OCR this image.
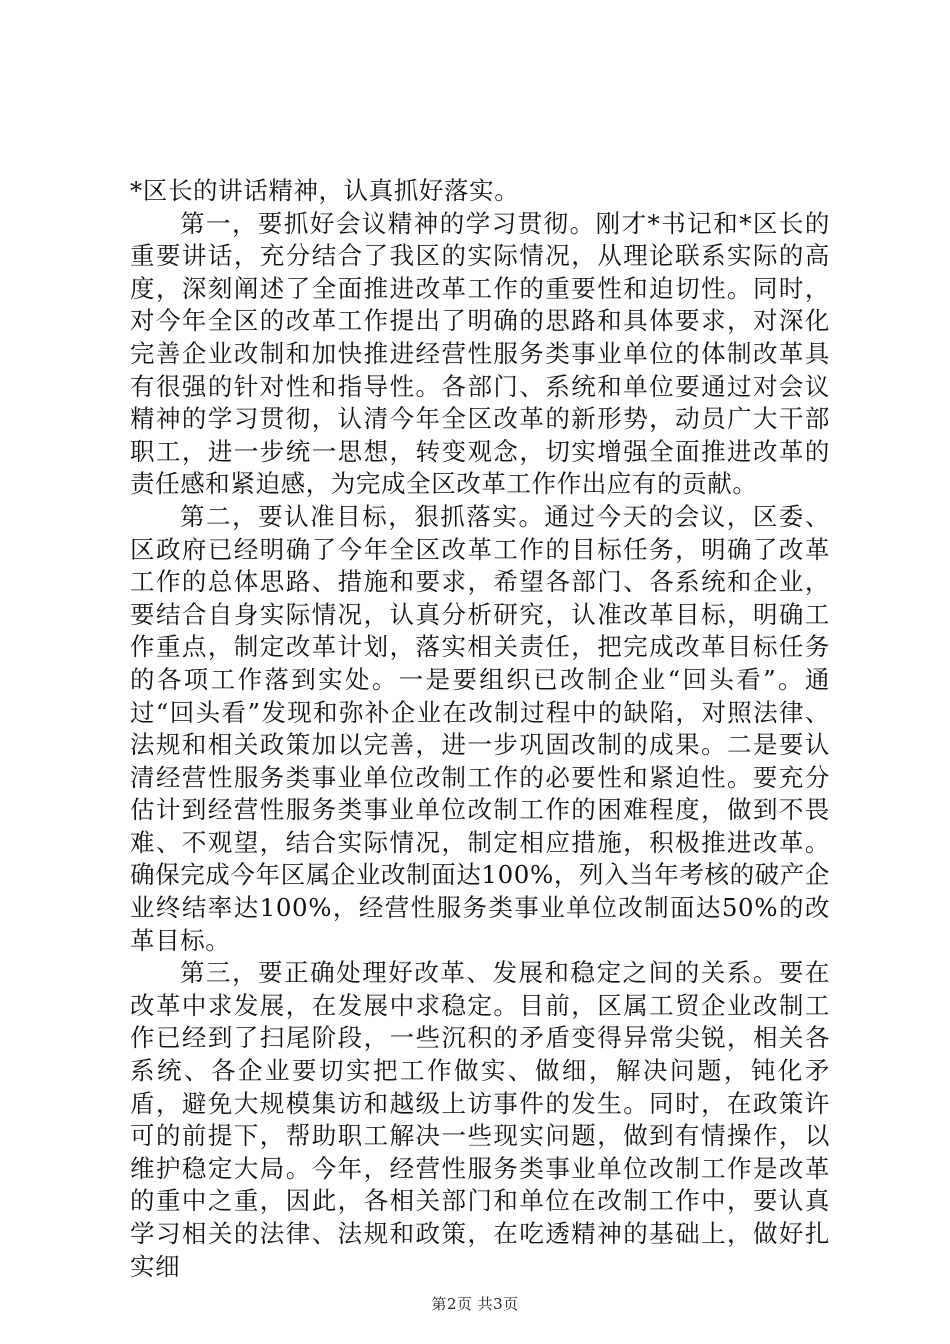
*区长的讲话精神，认真抓好落实。

第一，要抓好会议精神的学习贯彻。刚才*书记和*区长的重要讲话，充分结合了我区的实际情况，从理论联系实际的高度，深刻阐述了全面推进改革工作的重要性和迫切性。同时，对今年全区的改革工作提出了明确的思路和具体要求，对深化完善企业改制和加快推进经营性服务类事业单位的体制改革具有很强的针对性和指导性。各部门、系统和单位要通过对会议精神的学习贯彻，认清今年全区改革的新形势，动员广大干部职工，进一步统一思想，转变观念，切实增强全面推进改革的责任感和紧迫感，为完成全区改革工作作出应有的贡献。

第二，要认准目标，狠抓落实。通过今天的会议，区委、区政府已经明确了今年全区改革工作的目标任务，明确了改革工作的总体思路、措施和要求，希望各部门、各系统和企业，要结合自身实际情况，认真分析研究，认准改革目标，明确工作重点，制定改革计划，落实相关责任，把完成改革目标任务的各项工作落到实处。一是要组织已改制企业“回头看”。通过“回头看”发现和弥补企业在改制过程中的缺陷，对照法律、法规和相关政策加以完善，进一步巩固改制的成果。二是要认清经营性服务类事业单位改制工作的必要性和紧迫性。要充分估计到经营性服务类事业单位改制工作的困难程度，做到不畏难、不观望，结合实际情况，制定相应措施，积极推进改革。确保完成今年区属企业改制面达100%，列入当年考核的破产企业终结率达100%，经营性服务类事业单位改制面达50%的改革目标。

第三，要正确处理好改革、发展和稳定之间的关系。要在改革中求发展，在发展中求稳定。目前，区属工贸企业改制工作已经到了扫尾阶段，一些沉积的矛盾变得异常尖锐，相关各系统、各企业要切实把工作做实、做细，解决问题，钝化矛盾，避免大规模集访和越级上访事件的发生。同时，在政策许可的前提下，帮助职工解决一些现实问题，做到有情操作，以维护稳定大局。今年，经营性服务类事业单位改制工作是改革的重中之重，因此，各相关部门和单位在改制工作中，要认真学习相关的法律、法规和政策，在吃透精神的基础上，做好扎实细

第2页 共3页
